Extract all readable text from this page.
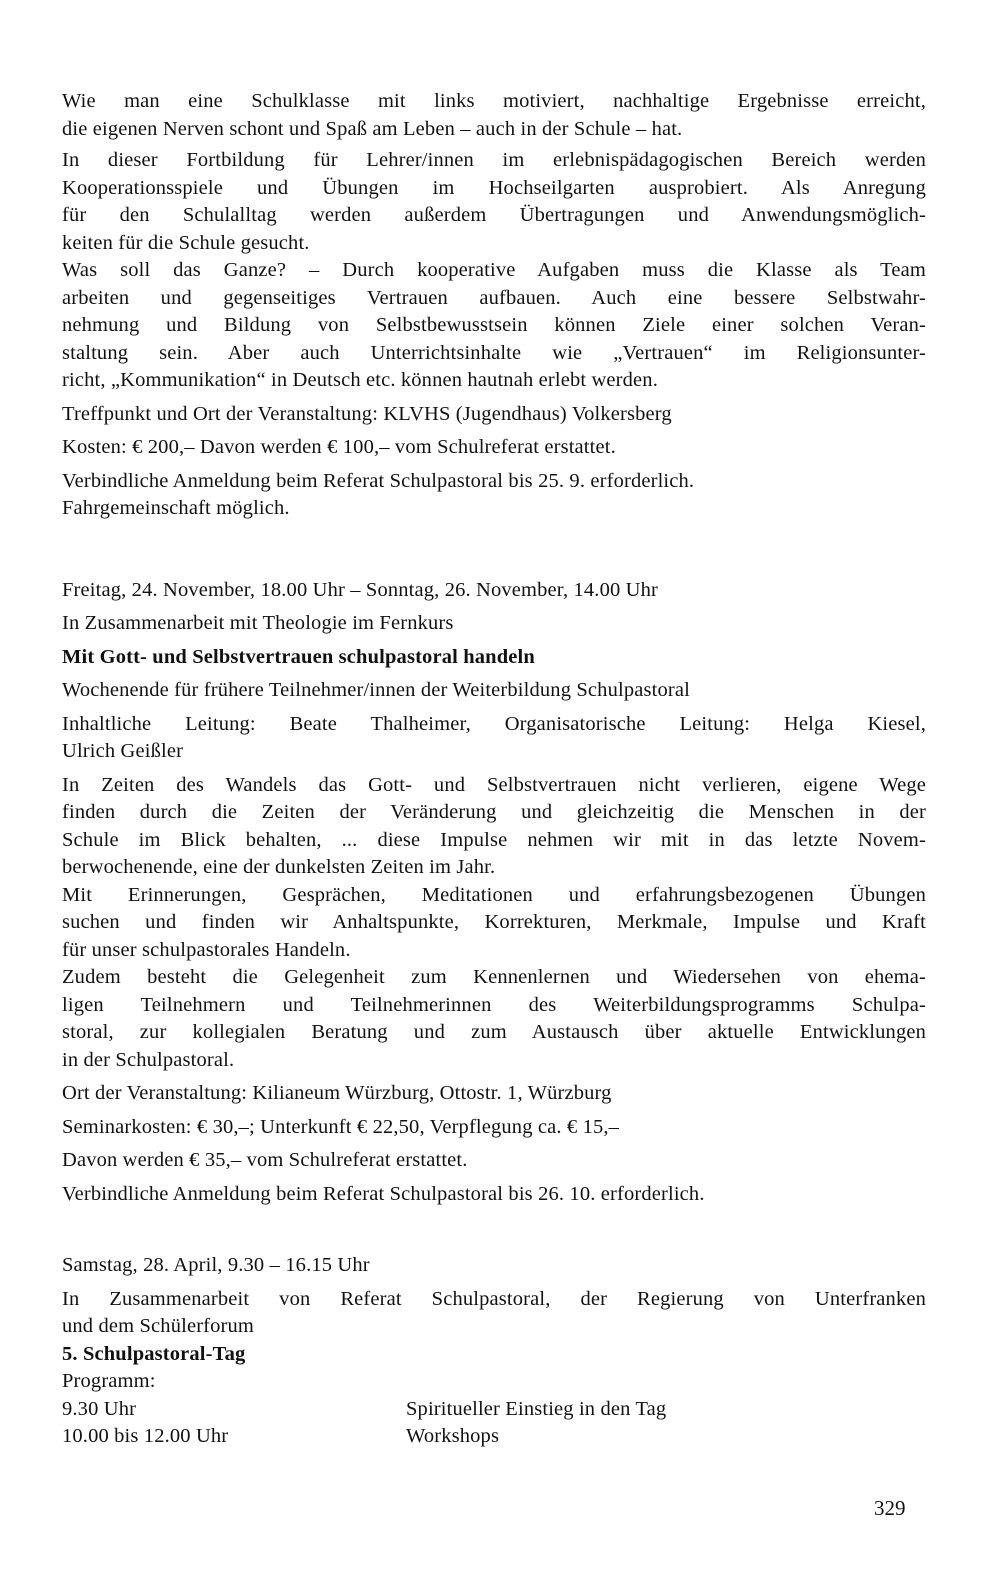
Wie man eine Schulklasse mit links motiviert, nachhaltige Ergebnisse erreicht,
die eigenen Nerven schont und Spaß am Leben – auch in der Schule – hat.

In dieser Fortbildung für Lehrer/innen im erlebnispädagogischen Bereich werden
Kooperationsspiele und Übungen im Hochseilgarten ausprobiert. Als Anregung
für den Schulalltag werden außerdem Übertragungen und Anwendungsmöglich-
keiten für die Schule gesucht.
Was soll das Ganze? – Durch kooperative Aufgaben muss die Klasse als Team
arbeiten und gegenseitiges Vertrauen aufbauen. Auch eine bessere Selbstwahr-
nehmung und Bildung von Selbstbewusstsein können Ziele einer solchen Veran-
staltung sein. Aber auch Unterrichtsinhalte wie „Vertrauen“ im Religionsunter-
richt, „Kommunikation“ in Deutsch etc. können hautnah erlebt werden.

Treffpunkt und Ort der Veranstaltung: KLVHS (Jugendhaus) Volkersberg

Kosten: € 200,– Davon werden € 100,– vom Schulreferat erstattet.

Verbindliche Anmeldung beim Referat Schulpastoral bis 25. 9. erforderlich.
Fahrgemeinschaft möglich.

Freitag, 24. November, 18.00 Uhr – Sonntag, 26. November, 14.00 Uhr

In Zusammenarbeit mit Theologie im Fernkurs

Mit Gott- und Selbstvertrauen schulpastoral handeln

Wochenende für frühere Teilnehmer/innen der Weiterbildung Schulpastoral

Inhaltliche Leitung: Beate Thalheimer, Organisatorische Leitung: Helga Kiesel,
Ulrich Geißler

In Zeiten des Wandels das Gott- und Selbstvertrauen nicht verlieren, eigene Wege
finden durch die Zeiten der Veränderung und gleichzeitig die Menschen in der
Schule im Blick behalten, ... diese Impulse nehmen wir mit in das letzte Novem-
berwochenende, eine der dunkelsten Zeiten im Jahr.
Mit Erinnerungen, Gesprächen, Meditationen und erfahrungsbezogenen Übungen
suchen und finden wir Anhaltspunkte, Korrekturen, Merkmale, Impulse und Kraft
für unser schulpastorales Handeln.
Zudem besteht die Gelegenheit zum Kennenlernen und Wiedersehen von ehema-
ligen Teilnehmern und Teilnehmerinnen des Weiterbildungsprogramms Schulpa-
storal, zur kollegialen Beratung und zum Austausch über aktuelle Entwicklungen
in der Schulpastoral.

Ort der Veranstaltung: Kilianeum Würzburg, Ottostr. 1, Würzburg

Seminarkosten: € 30,–; Unterkunft € 22,50, Verpflegung ca. € 15,–

Davon werden € 35,– vom Schulreferat erstattet.

Verbindliche Anmeldung beim Referat Schulpastoral bis 26. 10. erforderlich.

Samstag, 28. April, 9.30 – 16.15 Uhr

In Zusammenarbeit von Referat Schulpastoral, der Regierung von Unterfranken
und dem Schülerforum

5. Schulpastoral-Tag

Programm:

9.30 Uhr	Spiritueller Einstieg in den Tag
10.00 bis 12.00 Uhr	Workshops
329
